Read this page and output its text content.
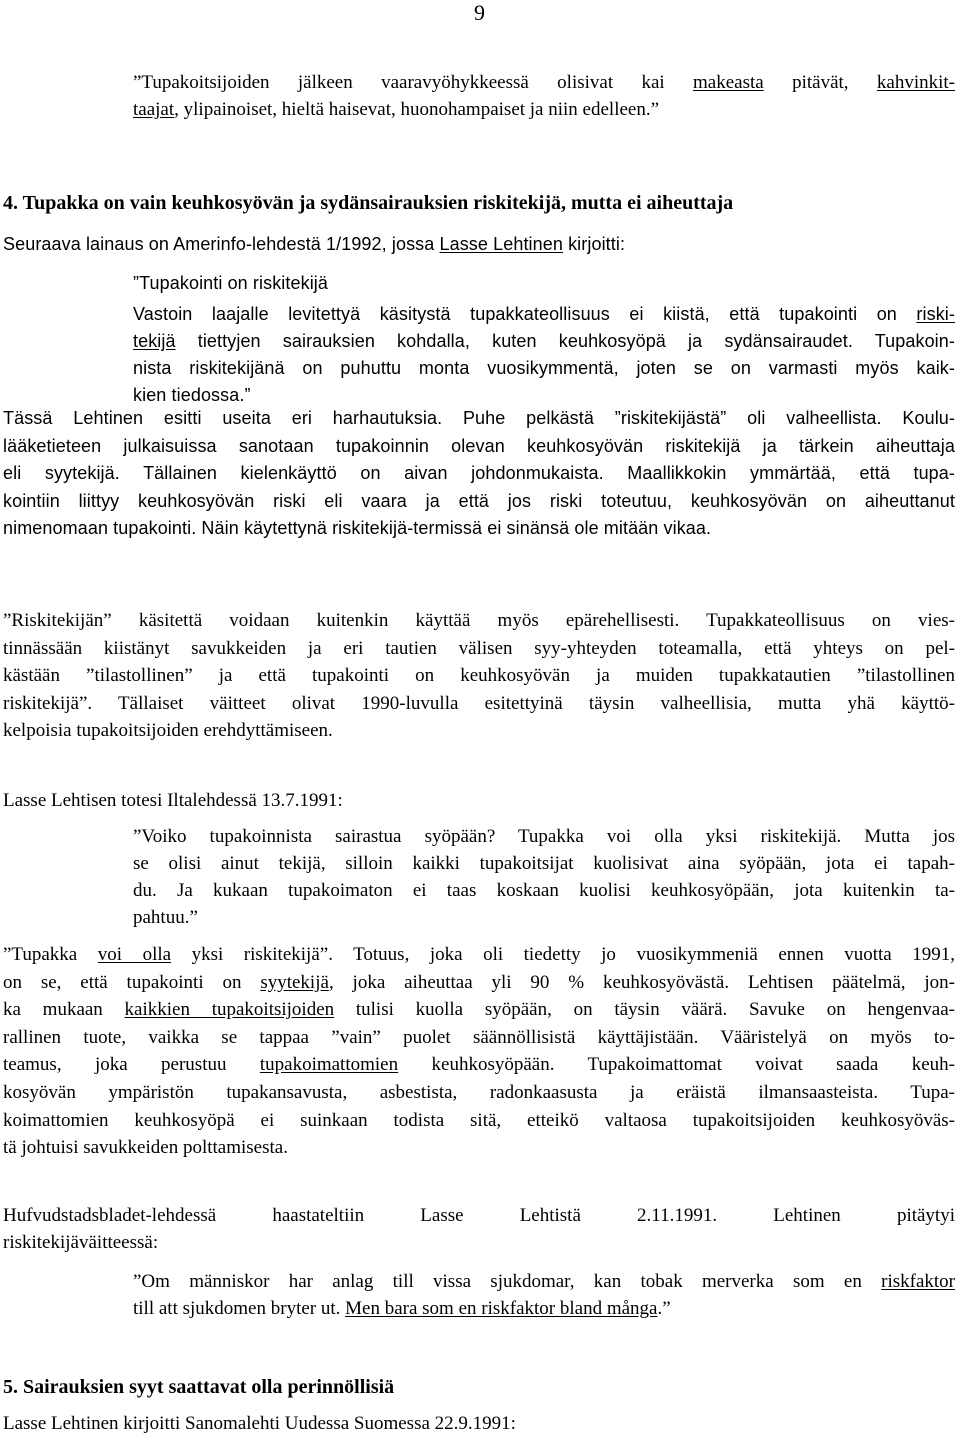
9
”Tupakoitsijoiden jälkeen vaaravyöhykkeessä olisivat kai makeasta pitävät, kahvinkit-
taajat, ylipainoiset, hieltä haisevat, huonohampaiset ja niin edelleen.”
4. Tupakka on vain keuhkosyövän ja sydänsairauksien riskitekijä, mutta ei aiheuttaja
Seuraava lainaus on Amerinfo-lehdestä 1/1992, jossa Lasse Lehtinen kirjoitti:
”Tupakointi on riskitekijä
Vastoin laajalle levitettyä käsitystä tupakkateollisuus ei kiistä, että tupakointi on riski-
tekijä tiettyjen sairauksien kohdalla, kuten keuhkosyöpä ja sydänsairaudet. Tupakoin-
nista riskitekijänä on puhuttu monta vuosikymmentä, joten se on varmasti myös kaik-
kien tiedossa.”
Tässä Lehtinen esitti useita eri harhautuksia. Puhe pelkästä ”riskitekijästä” oli valheellista. Koulu-
lääketieteen julkaisuissa sanotaan tupakoinnin olevan keuhkosyövän riskitekijä ja tärkein aiheuttaja
eli syytekijä. Tällainen kielenkäyttö on aivan johdonmukaista. Maallikkokin ymmärtää, että tupa-
kointiin liittyy keuhkosyövän riski eli vaara ja että jos riski toteutuu, keuhkosyövän on aiheuttanut
nimenomaan tupakointi. Näin käytettynä riskitekijä-termissä ei sinänsä ole mitään vikaa.
”Riskitekijän” käsitettä voidaan kuitenkin käyttää myös epärehellisesti. Tupakkateollisuus on vies-
tinnässään kiistänyt savukkeiden ja eri tautien välisen syy-yhteyden toteamalla, että yhteys on pel-
kästään ”tilastollinen” ja että tupakointi on keuhkosyövän ja muiden tupakkatautien ”tilastollinen
riskitekijä”. Tällaiset väitteet olivat 1990-luvulla esitettyinä täysin valheellisia, mutta yhä käyttö-
kelpoisia tupakoitsijoiden erehdyttämiseen.
Lasse Lehtisen totesi Iltalehdessä 13.7.1991:
”Voiko tupakoinnista sairastua syöpään? Tupakka voi olla yksi riskitekijä. Mutta jos
se olisi ainut tekijä, silloin kaikki tupakoitsijat kuolisivat aina syöpään, jota ei tapah-
du. Ja kukaan tupakoimaton ei taas koskaan kuolisi keuhkosyöpään, jota kuitenkin ta-
pahtuu.”
”Tupakka voi olla yksi riskitekijä”. Totuus, joka oli tiedetty jo vuosikymmeniä ennen vuotta 1991,
on se, että tupakointi on syytekijä, joka aiheuttaa yli 90 % keuhkosyövästä. Lehtisen päätelmä, jon-
ka mukaan kaikkien tupakoitsijoiden tulisi kuolla syöpään, on täysin väärä. Savuke on hengenvaa-
rallinen tuote, vaikka se tappaa ”vain” puolet säännöllisistä käyttäjistään. Vääristelyä on myös to-
teamus, joka perustuu tupakoimattomien keuhkosyöpään. Tupakoimattomat voivat saada keuh-
kosyövän ympäristön tupakansavusta, asbestista, radonkaasusta ja eräistä ilmansaasteista. Tupa-
koimattomien keuhkosyöpä ei suinkaan todista sitä, etteikö valtaosa tupakoitsijoiden keuhkosyöväs-
tä johtuisi savukkeiden polttamisesta.
Hufvudstadsbladet-lehdessä haastateltiin Lasse Lehtistä 2.11.1991. Lehtinen pitäytyi
riskitekijäväitteessä:
”Om människor har anlag till vissa sjukdomar, kan tobak merverka som en riskfaktor
till att sjukdomen bryter ut. Men bara som en riskfaktor bland många.”
5. Sairauksien syyt saattavat olla perinnöllisiä
Lasse Lehtinen kirjoitti Sanomalehti Uudessa Suomessa 22.9.1991:
